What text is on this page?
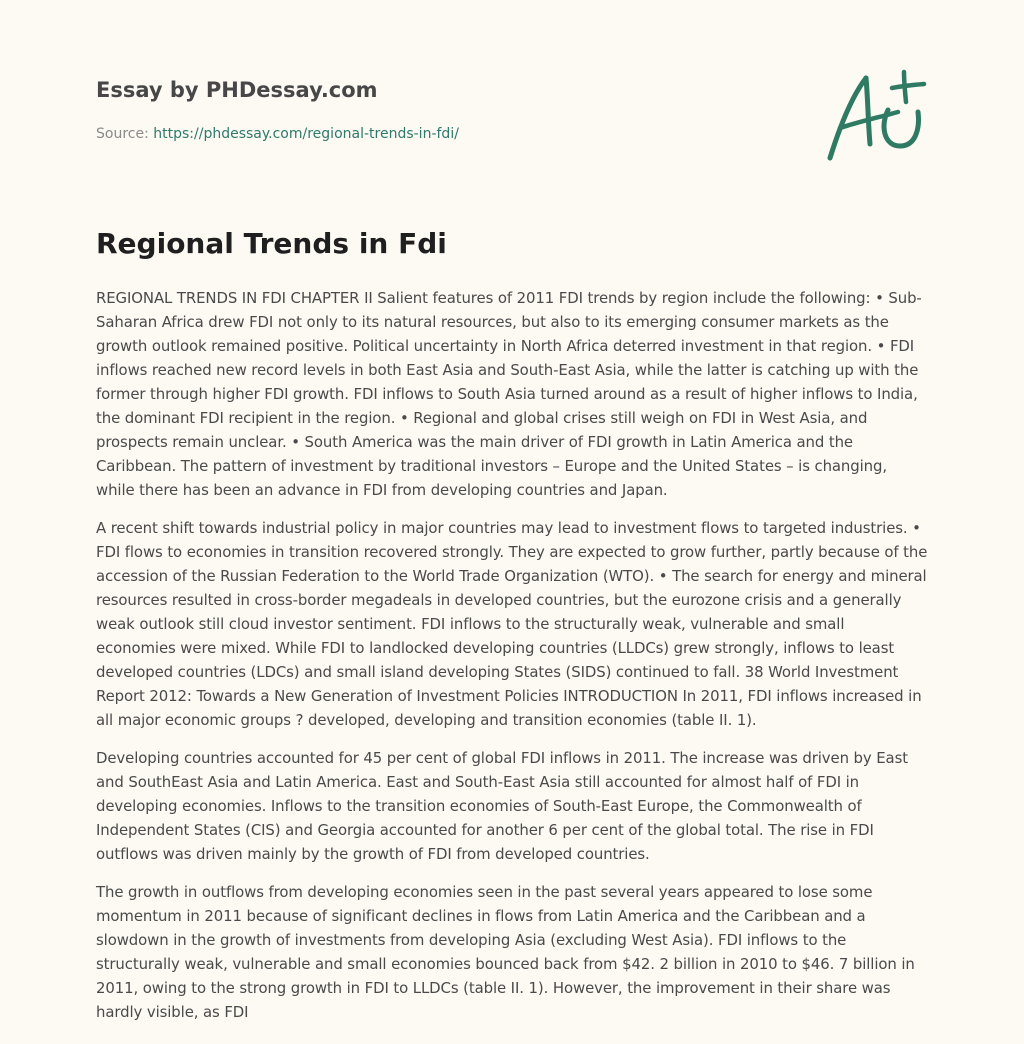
Essay by PHDessay.com
Source: https://phdessay.com/regional-trends-in-fdi/
Regional Trends in Fdi

REGIONAL TRENDS IN FDI CHAPTER II Salient features of 2011 FDI trends by region include the following: • Sub-Saharan Africa drew FDI not only to its natural resources, but also to its emerging consumer markets as the growth outlook remained positive. Political uncertainty in North Africa deterred investment in that region. • FDI inflows reached new record levels in both East Asia and South-East Asia, while the latter is catching up with the former through higher FDI growth. FDI inflows to South Asia turned around as a result of higher inflows to India, the dominant FDI recipient in the region. • Regional and global crises still weigh on FDI in West Asia, and prospects remain unclear. • South America was the main driver of FDI growth in Latin America and the Caribbean. The pattern of investment by traditional investors – Europe and the United States – is changing, while there has been an advance in FDI from developing countries and Japan.

A recent shift towards industrial policy in major countries may lead to investment flows to targeted industries. • FDI flows to economies in transition recovered strongly. They are expected to grow further, partly because of the accession of the Russian Federation to the World Trade Organization (WTO). • The search for energy and mineral resources resulted in cross-border megadeals in developed countries, but the eurozone crisis and a generally weak outlook still cloud investor sentiment. FDI inflows to the structurally weak, vulnerable and small economies were mixed. While FDI to landlocked developing countries (LLDCs) grew strongly, inflows to least developed countries (LDCs) and small island developing States (SIDS) continued to fall. 38 World Investment Report 2012: Towards a New Generation of Investment Policies INTRODUCTION In 2011, FDI inflows increased in all major economic groups ? developed, developing and transition economies (table II. 1).

Developing countries accounted for 45 per cent of global FDI inflows in 2011. The increase was driven by East and SouthEast Asia and Latin America. East and South-East Asia still accounted for almost half of FDI in developing economies. Inflows to the transition economies of South-East Europe, the Commonwealth of Independent States (CIS) and Georgia accounted for another 6 per cent of the global total. The rise in FDI outflows was driven mainly by the growth of FDI from developed countries.

The growth in outflows from developing economies seen in the past several years appeared to lose some momentum in 2011 because of significant declines in flows from Latin America and the Caribbean and a slowdown in the growth of investments from developing Asia (excluding West Asia). FDI inflows to the structurally weak, vulnerable and small economies bounced back from $42. 2 billion in 2010 to $46. 7 billion in 2011, owing to the strong growth in FDI to LLDCs (table II. 1). However, the improvement in their share was hardly visible, as FDI
